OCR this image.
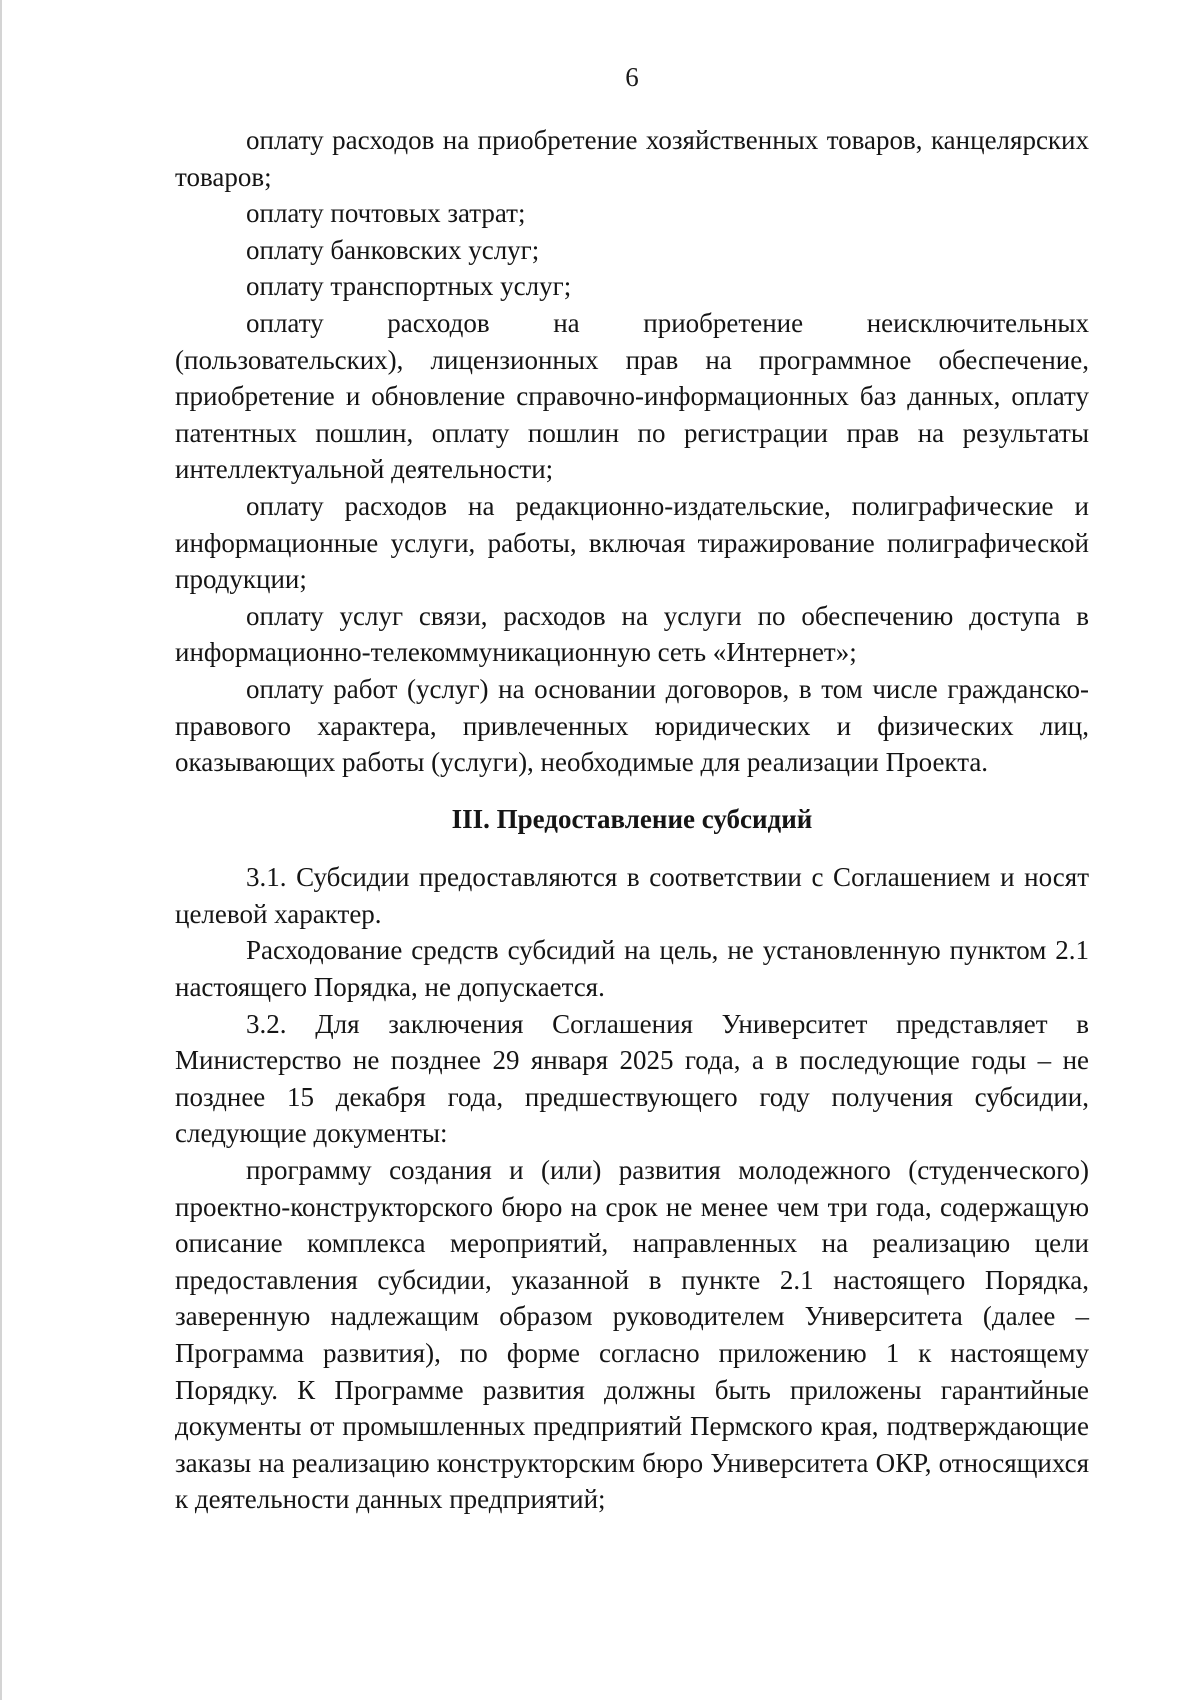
6

оплату расходов на приобретение хозяйственных товаров, канцелярских товаров;

оплату почтовых затрат;

оплату банковских услуг;

оплату транспортных услуг;

оплату расходов на приобретение неисключительных (пользовательских), лицензионных прав на программное обеспечение, приобретение и обновление справочно-информационных баз данных, оплату патентных пошлин, оплату пошлин по регистрации прав на результаты интеллектуальной деятельности;

оплату расходов на редакционно-издательские, полиграфические и информационные услуги, работы, включая тиражирование полиграфической продукции;

оплату услуг связи, расходов на услуги по обеспечению доступа в информационно-телекоммуникационную сеть «Интернет»;

оплату работ (услуг) на основании договоров, в том числе гражданско-правового характера, привлеченных юридических и физических лиц, оказывающих работы (услуги), необходимые для реализации Проекта.

III. Предоставление субсидий

3.1. Субсидии предоставляются в соответствии с Соглашением и носят целевой характер.

Расходование средств субсидий на цель, не установленную пунктом 2.1 настоящего Порядка, не допускается.

3.2. Для заключения Соглашения Университет представляет в Министерство не позднее 29 января 2025 года, а в последующие годы – не позднее 15 декабря года, предшествующего году получения субсидии, следующие документы:

программу создания и (или) развития молодежного (студенческого) проектно-конструкторского бюро на срок не менее чем три года, содержащую описание комплекса мероприятий, направленных на реализацию цели предоставления субсидии, указанной в пункте 2.1 настоящего Порядка, заверенную надлежащим образом руководителем Университета (далее – Программа развития), по форме согласно приложению 1 к настоящему Порядку. К Программе развития должны быть приложены гарантийные документы от промышленных предприятий Пермского края, подтверждающие заказы на реализацию конструкторским бюро Университета ОКР, относящихся к деятельности данных предприятий;
